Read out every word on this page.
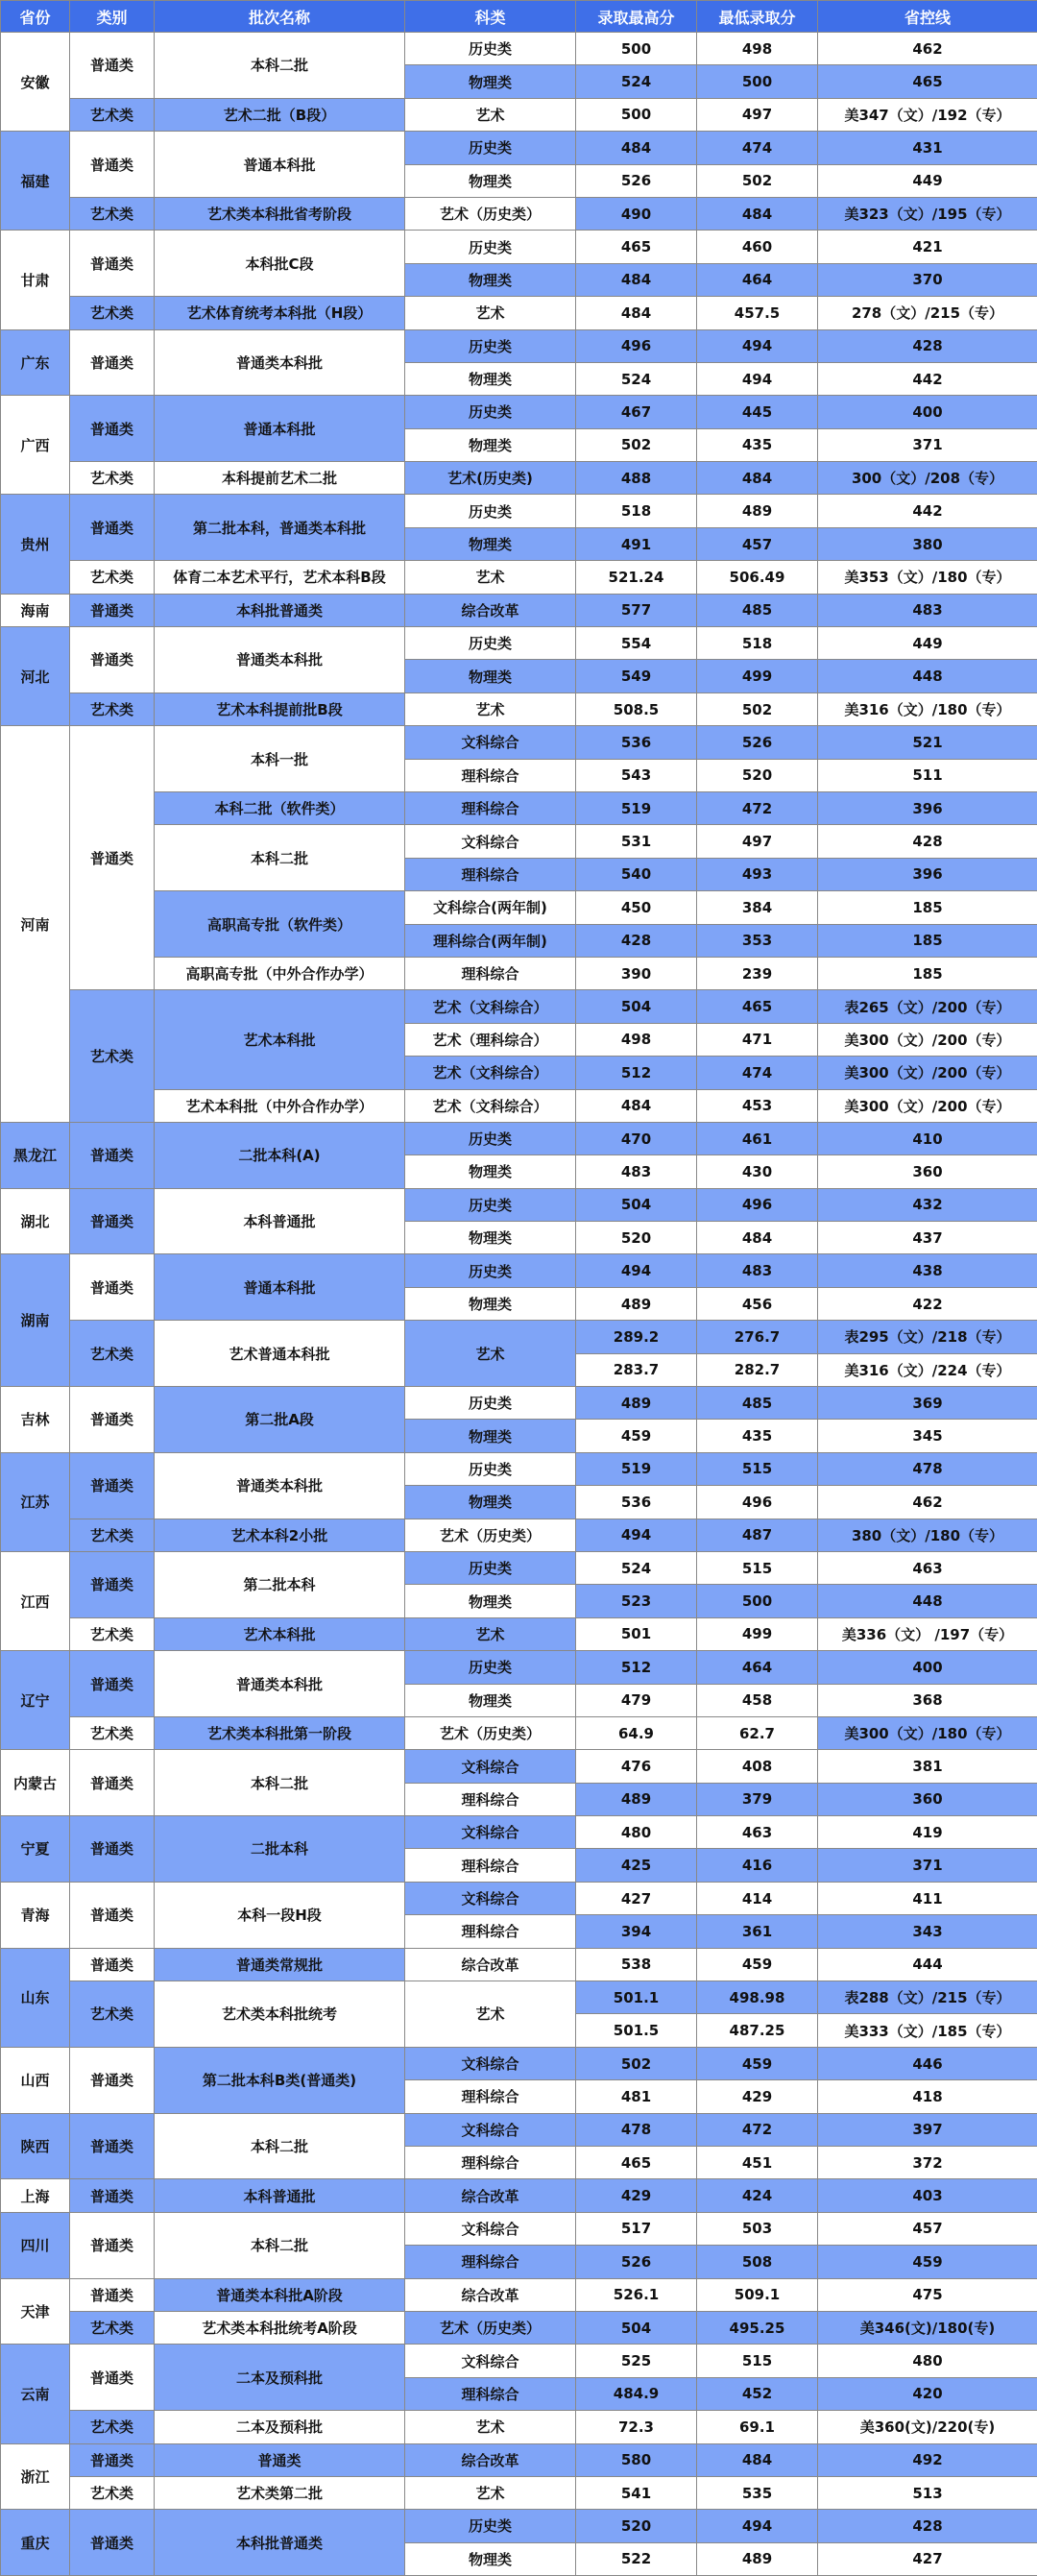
省份	类别	批次名称	科类	录取最高分	最低录取分	省控线
安徽	普通类	本科二批	历史类	500	498	462
			物理类	524	500	465
	艺术类	艺术二批（B段）	艺术	500	497	美347（文）/192（专）
福建	普通类	普通本科批	历史类	484	474	431
			物理类	526	502	449
	艺术类	艺术类本科批省考阶段	艺术（历史类）	490	484	美323（文）/195（专）
甘肃	普通类	本科批C段	历史类	465	460	421
			物理类	484	464	370
	艺术类	艺术体育统考本科批（H段）	艺术	484	457.5	278（文）/215（专）
广东	普通类	普通类本科批	历史类	496	494	428
			物理类	524	494	442
广西	普通类	普通本科批	历史类	467	445	400
			物理类	502	435	371
	艺术类	本科提前艺术二批	艺术(历史类)	488	484	300（文）/208（专）
贵州	普通类	第二批本科，普通类本科批	历史类	518	489	442
			物理类	491	457	380
	艺术类	体育二本艺术平行，艺术本科B段	艺术	521.24	506.49	美353（文）/180（专）
海南	普通类	本科批普通类	综合改革	577	485	483
河北	普通类	普通类本科批	历史类	554	518	449
			物理类	549	499	448
	艺术类	艺术本科提前批B段	艺术	508.5	502	美316（文）/180（专）
河南	普通类	本科一批	文科综合	536	526	521
			理科综合	543	520	511
		本科二批（软件类）	理科综合	519	472	396
		本科二批	文科综合	531	497	428
			理科综合	540	493	396
		高职高专批（软件类）	文科综合(两年制)	450	384	185
			理科综合(两年制)	428	353	185
		高职高专批（中外合作办学）	理科综合	390	239	185
	艺术类	艺术本科批	艺术（文科综合）	504	465	表265（文）/200（专）
			艺术（理科综合）	498	471	美300（文）/200（专）
			艺术（文科综合）	512	474	美300（文）/200（专）
		艺术本科批（中外合作办学）	艺术（文科综合）	484	453	美300（文）/200（专）
黑龙江	普通类	二批本科(A)	历史类	470	461	410
			物理类	483	430	360
湖北	普通类	本科普通批	历史类	504	496	432
			物理类	520	484	437
湖南	普通类	普通本科批	历史类	494	483	438
			物理类	489	456	422
	艺术类	艺术普通本科批	艺术	289.2	276.7	表295（文）/218（专）
				283.7	282.7	美316（文）/224（专）
吉林	普通类	第二批A段	历史类	489	485	369
			物理类	459	435	345
江苏	普通类	普通类本科批	历史类	519	515	478
			物理类	536	496	462
	艺术类	艺术本科2小批	艺术（历史类）	494	487	380（文）/180（专）
江西	普通类	第二批本科	历史类	524	515	463
			物理类	523	500	448
	艺术类	艺术本科批	艺术	501	499	美336（文） /197（专）
辽宁	普通类	普通类本科批	历史类	512	464	400
			物理类	479	458	368
	艺术类	艺术类本科批第一阶段	艺术（历史类）	64.9	62.7	美300（文）/180（专）
内蒙古	普通类	本科二批	文科综合	476	408	381
			理科综合	489	379	360
宁夏	普通类	二批本科	文科综合	480	463	419
			理科综合	425	416	371
青海	普通类	本科一段H段	文科综合	427	414	411
			理科综合	394	361	343
山东	普通类	普通类常规批	综合改革	538	459	444
	艺术类	艺术类本科批统考	艺术	501.1	498.98	表288（文）/215（专）
				501.5	487.25	美333（文）/185（专）
山西	普通类	第二批本科B类(普通类)	文科综合	502	459	446
			理科综合	481	429	418
陕西	普通类	本科二批	文科综合	478	472	397
			理科综合	465	451	372
上海	普通类	本科普通批	综合改革	429	424	403
四川	普通类	本科二批	文科综合	517	503	457
			理科综合	526	508	459
天津	普通类	普通类本科批A阶段	综合改革	526.1	509.1	475
	艺术类	艺术类本科批统考A阶段	艺术（历史类）	504	495.25	美346(文)/180(专)
云南	普通类	二本及预科批	文科综合	525	515	480
			理科综合	484.9	452	420
	艺术类	二本及预科批	艺术	72.3	69.1	美360(文)/220(专)
浙江	普通类	普通类	综合改革	580	484	492
	艺术类	艺术类第二批	艺术	541	535	513
重庆	普通类	本科批普通类	历史类	520	494	428
			物理类	522	489	427
